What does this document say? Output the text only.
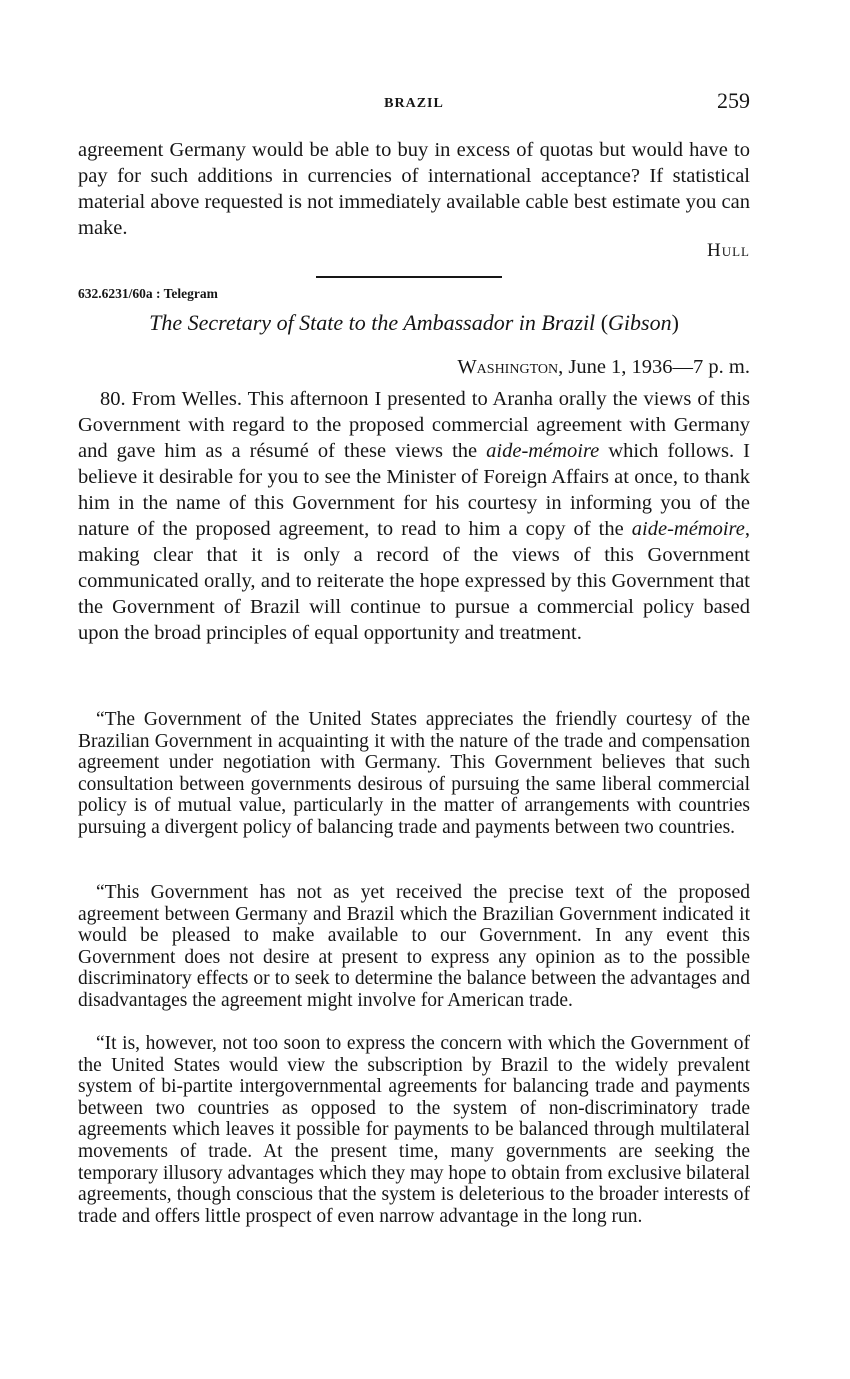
BRAZIL	259

agreement Germany would be able to buy in excess of quotas but would have to pay for such additions in currencies of international acceptance? If statistical material above requested is not immediately available cable best estimate you can make.

Hull
632.6231/60a : Telegram
The Secretary of State to the Ambassador in Brazil (Gibson)
Washington, June 1, 1936—7 p. m.

80. From Welles. This afternoon I presented to Aranha orally the views of this Government with regard to the proposed commercial agreement with Germany and gave him as a résumé of these views the aide-mémoire which follows. I believe it desirable for you to see the Minister of Foreign Affairs at once, to thank him in the name of this Government for his courtesy in informing you of the nature of the proposed agreement, to read to him a copy of the aide-mémoire, making clear that it is only a record of the views of this Government communicated orally, and to reiterate the hope expressed by this Government that the Government of Brazil will continue to pursue a commercial policy based upon the broad principles of equal opportunity and treatment.

“The Government of the United States appreciates the friendly courtesy of the Brazilian Government in acquainting it with the nature of the trade and compensation agreement under negotiation with Germany. This Government believes that such consultation between governments desirous of pursuing the same liberal commercial policy is of mutual value, particularly in the matter of arrangements with countries pursuing a divergent policy of balancing trade and payments between two countries.

“This Government has not as yet received the precise text of the proposed agreement between Germany and Brazil which the Brazilian Government indicated it would be pleased to make available to our Government. In any event this Government does not desire at present to express any opinion as to the possible discriminatory effects or to seek to determine the balance between the advantages and disadvantages the agreement might involve for American trade.

“It is, however, not too soon to express the concern with which the Government of the United States would view the subscription by Brazil to the widely prevalent system of bi-partite intergovernmental agreements for balancing trade and payments between two countries as opposed to the system of non-discriminatory trade agreements which leaves it possible for payments to be balanced through multilateral movements of trade. At the present time, many governments are seeking the temporary illusory advantages which they may hope to obtain from exclusive bilateral agreements, though conscious that the system is deleterious to the broader interests of trade and offers little prospect of even narrow advantage in the long run.
